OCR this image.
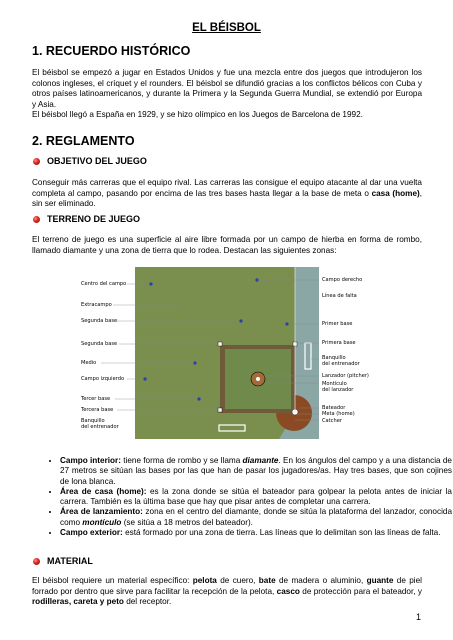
EL BÉISBOL
1. RECUERDO HISTÓRICO
El béisbol se empezó a jugar en Estados Unidos y fue una mezcla entre dos juegos que introdujeron los colonos ingleses, el críquet y el rounders. El béisbol se difundió gracias a los conflictos bélicos con Cuba y otros países latinoamericanos, y durante la Primera y la Segunda Guerra Mundial, se extendió por Europa y Asia.
El béisbol llegó a España en 1929, y se hizo olímpico en los Juegos de Barcelona de 1992.
2. REGLAMENTO
OBJETIVO DEL JUEGO
Conseguir más carreras que el equipo rival. Las carreras las consigue el equipo atacante al dar una vuelta completa al campo, pasando por encima de las tres bases hasta llegar a la base de meta o casa (home), sin ser eliminado.
TERRENO DE JUEGO
El terreno de juego es una superficie al aire libre formada por un campo de hierba en forma de rombo, llamado diamante y una zona de tierra que lo rodea. Destacan las siguientes zonas:
Centro del campo
Extracampo
Segunda base
Segunda base
Medio
Campo izquierdo
Tercer base
Tercera base
Banquillo
del entrenador
Campo derecho
Línea de falta
Primer base
Primera base
Banquillo
del entrenador
Lanzador (pitcher)
Montículo
del lanzador
Bateador
Meta (home)
Catcher
• Campo interior: tiene forma de rombo y se llama diamante. En los ángulos del campo y a una distancia de 27 metros se sitúan las bases por las que han de pasar los jugadores/as. Hay tres bases, que son cojines de lona blanca.
• Área de casa (home): es la zona donde se sitúa el bateador para golpear la pelota antes de iniciar la carrera. También es la última base que hay que pisar antes de completar una carrera.
• Área de lanzamiento: zona en el centro del diamante, donde se sitúa la plataforma del lanzador, conocida como montículo (se sitúa a 18 metros del bateador).
• Campo exterior: está formado por una zona de tierra. Las líneas que lo delimitan son las líneas de falta.
MATERIAL
El béisbol requiere un material específico: pelota de cuero, bate de madera o aluminio, guante de piel forrado por dentro que sirve para facilitar la recepción de la pelota, casco de protección para el bateador, y rodilleras, careta y peto del receptor.
1
